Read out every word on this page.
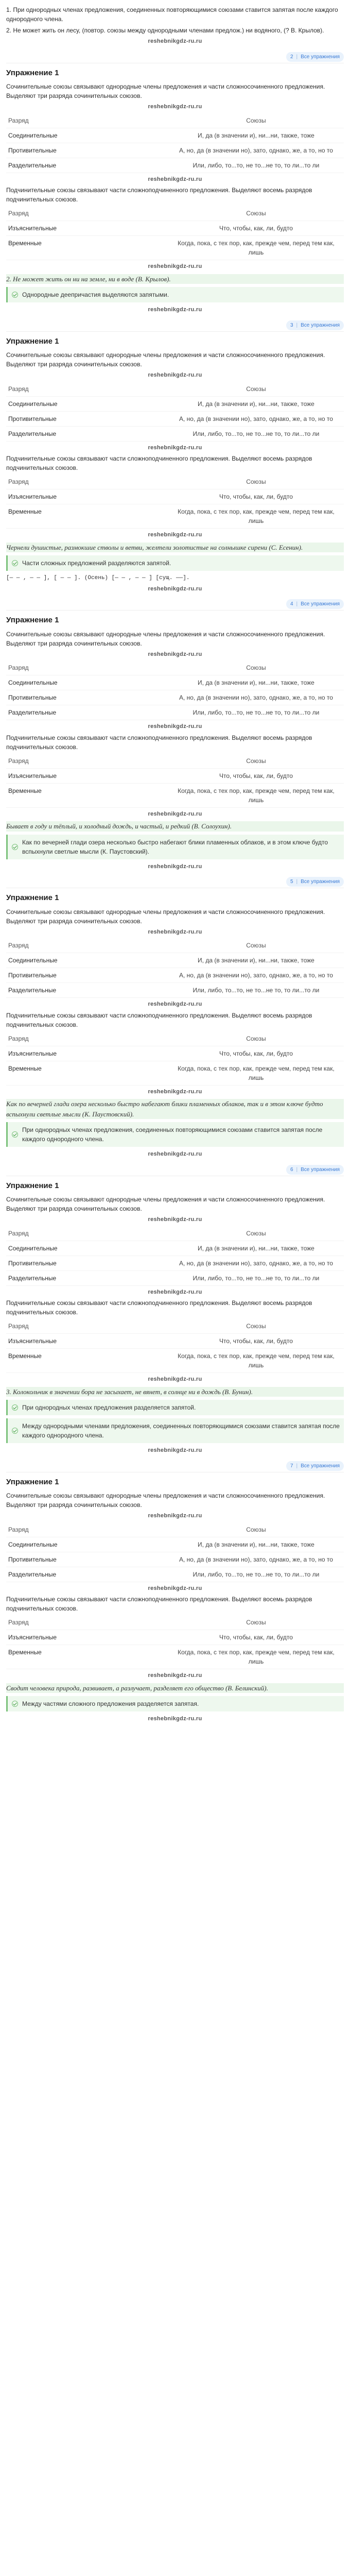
1. При однородных членах предложения, соединенных повторяющимися союзами ставится запятая после каждого однородного члена.
2. Не может жить он лесу, (повтор. союзы между однородными членами предлож.) ни водяного, (? В. Крылов).
reshebnikgdz-ru.ru
2 | Все упражнения
Упражнение 1
Сочинительные союзы связывают однородные члены предложения и части сложносочиненного предложения. Выделяют три разряда сочинительных союзов.
reshebnikgdz-ru.ru
Разряд	Союзы
Соединительные	И, да (в значении и), ни...ни, также, тоже
Противительные	А, но, да (в значении но), зато, однако, же, а то, но то
Разделительные	Или, либо, то...то, не то...не то, то ли...то ли
reshebnikgdz-ru.ru
Подчинительные союзы связывают части сложноподчиненного предложения. Выделяют восемь разрядов подчинительных союзов.
Разряд	Союзы
Изъяснительные	Что, чтобы, как, ли, будто
Временные	Когда, пока, с тех пор, как, прежде чем, перед тем как, лишь
reshebnikgdz-ru.ru
2. Не может жить он ни на земле, ни в воде (В. Крылов).
Однородные деепричастия выделяются запятыми.
reshebnikgdz-ru.ru
3 | Все упражнения
Упражнение 1
Сочинительные союзы связывают однородные члены предложения и части сложносочиненного предложения. Выделяют три разряда сочинительных союзов.
reshebnikgdz-ru.ru
Разряд	Союзы
Соединительные	И, да (в значении и), ни...ни, также, тоже
Противительные	А, но, да (в значении но), зато, однако, же, а то, но то
Разделительные	Или, либо, то...то, не то...не то, то ли...то ли
reshebnikgdz-ru.ru
Подчинительные союзы связывают части сложноподчиненного предложения. Выделяют восемь разрядов подчинительных союзов.
Разряд	Союзы
Изъяснительные	Что, чтобы, как, ли, будто
Временные	Когда, пока, с тех пор, как, прежде чем, перед тем как, лишь
reshebnikgdz-ru.ru
Чернели душистые, размокшие стволы и ветви, желтели золотистые на солнышке сирени (С. Есенин).
Части сложных предложений разделяются запятой.
[— — , — — ], [ — — ]. (Осень) [— — , — — ] [сущ. ——].
reshebnikgdz-ru.ru
4 | Все упражнения
Упражнение 1
Сочинительные союзы связывают однородные члены предложения и части сложносочиненного предложения. Выделяют три разряда сочинительных союзов.
reshebnikgdz-ru.ru
Разряд	Союзы
Соединительные	И, да (в значении и), ни...ни, также, тоже
Противительные	А, но, да (в значении но), зато, однако, же, а то, но то
Разделительные	Или, либо, то...то, не то...не то, то ли...то ли
reshebnikgdz-ru.ru
Подчинительные союзы связывают части сложноподчиненного предложения. Выделяют восемь разрядов подчинительных союзов.
Разряд	Союзы
Изъяснительные	Что, чтобы, как, ли, будто
Временные	Когда, пока, с тех пор, как, прежде чем, перед тем как, лишь
reshebnikgdz-ru.ru
Бывает в году и тёплый, и холодный дождь, и частый, и редкий (В. Солоухин).
Как по вечерней глади озера несколько быстро набегают блики пламенных облаков, и в этом ключе будто вспыхнули светлые мысли (К. Паустовский).
reshebnikgdz-ru.ru
5 | Все упражнения
Упражнение 1
Сочинительные союзы связывают однородные члены предложения и части сложносочиненного предложения. Выделяют три разряда сочинительных союзов.
reshebnikgdz-ru.ru
Разряд	Союзы
Соединительные	И, да (в значении и), ни...ни, также, тоже
Противительные	А, но, да (в значении но), зато, однако, же, а то, но то
Разделительные	Или, либо, то...то, не то...не то, то ли...то ли
reshebnikgdz-ru.ru
Подчинительные союзы связывают части сложноподчиненного предложения. Выделяют восемь разрядов подчинительных союзов.
Разряд	Союзы
Изъяснительные	Что, чтобы, как, ли, будто
Временные	Когда, пока, с тех пор, как, прежде чем, перед тем как, лишь
reshebnikgdz-ru.ru
Как по вечерней глади озера несколько быстро набегают блики пламенных облаков, так и в этом ключе будто вспыхнули светлые мысли (К. Паустовский).
При однородных членах предложения, соединенных повторяющимися союзами ставится запятая после каждого однородного члена.
reshebnikgdz-ru.ru
6 | Все упражнения
Упражнение 1
Сочинительные союзы связывают однородные члены предложения и части сложносочиненного предложения. Выделяют три разряда сочинительных союзов.
reshebnikgdz-ru.ru
Разряд	Союзы
Соединительные	И, да (в значении и), ни...ни, также, тоже
Противительные	А, но, да (в значении но), зато, однако, же, а то, но то
Разделительные	Или, либо, то...то, не то...не то, то ли...то ли
reshebnikgdz-ru.ru
Подчинительные союзы связывают части сложноподчиненного предложения. Выделяют восемь разрядов подчинительных союзов.
Разряд	Союзы
Изъяснительные	Что, чтобы, как, ли, будто
Временные	Когда, пока, с тех пор, как, прежде чем, перед тем как, лишь
reshebnikgdz-ru.ru
3. Колокольчик в значении бора не засыхает, не вянет, в солнце ни в дождь (В. Бунин).
При однородных членах предложения разделяется запятой.
Между однородными членами предложения, соединенных повторяющимися союзами ставится запятая после каждого однородного члена.
reshebnikgdz-ru.ru
7 | Все упражнения
Упражнение 1
Сочинительные союзы связывают однородные члены предложения и части сложносочиненного предложения. Выделяют три разряда сочинительных союзов.
reshebnikgdz-ru.ru
Разряд	Союзы
Соединительные	И, да (в значении и), ни...ни, также, тоже
Противительные	А, но, да (в значении но), зато, однако, же, а то, но то
Разделительные	Или, либо, то...то, не то...не то, то ли...то ли
reshebnikgdz-ru.ru
Подчинительные союзы связывают части сложноподчиненного предложения. Выделяют восемь разрядов подчинительных союзов.
Разряд	Союзы
Изъяснительные	Что, чтобы, как, ли, будто
Временные	Когда, пока, с тех пор, как, прежде чем, перед тем как, лишь
reshebnikgdz-ru.ru
Сводит человека природа, развивает, а разлучает, разделяет его общество (В. Белинский).
Между частями сложного предложения разделяется запятая.
reshebnikgdz-ru.ru
